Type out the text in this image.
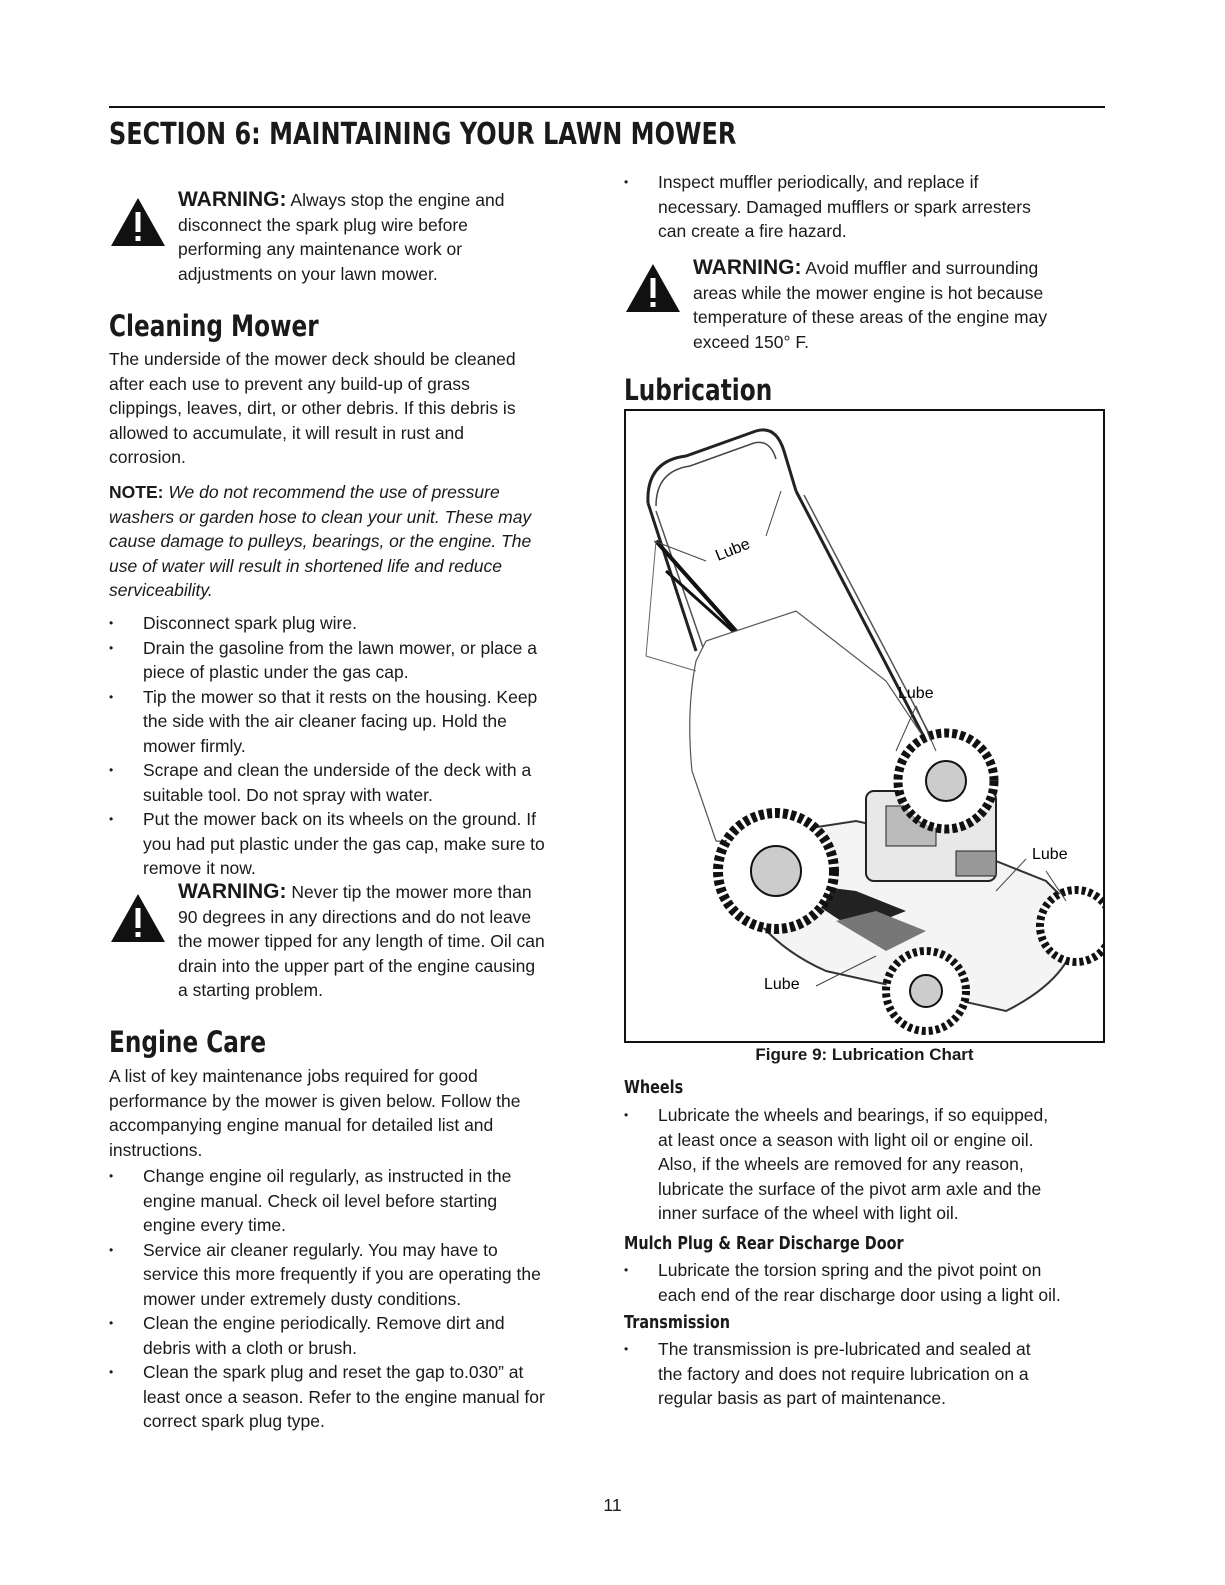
SECTION 6: MAINTAINING YOUR LAWN MOWER
WARNING: Always stop the engine and
disconnect the spark plug wire before
performing any maintenance work or
adjustments on your lawn mower.
Cleaning Mower

The underside of the mower deck should be cleaned
after each use to prevent any build-up of grass
clippings, leaves, dirt, or other debris. If this debris is
allowed to accumulate, it will result in rust and
corrosion.

NOTE: We do not recommend the use of pressure
washers or garden hose to clean your unit. These may
cause damage to pulleys, bearings, or the engine. The
use of water will result in shortened life and reduce
serviceability.

• Disconnect spark plug wire.
• Drain the gasoline from the lawn mower, or place a
piece of plastic under the gas cap.
• Tip the mower so that it rests on the housing. Keep
the side with the air cleaner facing up. Hold the
mower firmly.
• Scrape and clean the underside of the deck with a
suitable tool. Do not spray with water.
• Put the mower back on its wheels on the ground. If
you had put plastic under the gas cap, make sure to
remove it now.
WARNING: Never tip the mower more than
90 degrees in any directions and do not leave
the mower tipped for any length of time. Oil can
drain into the upper part of the engine causing
a starting problem.
Engine Care

A list of key maintenance jobs required for good
performance by the mower is given below. Follow the
accompanying engine manual for detailed list and
instructions.

• Change engine oil regularly, as instructed in the
engine manual. Check oil level before starting
engine every time.
• Service air cleaner regularly. You may have to
service this more frequently if you are operating the
mower under extremely dusty conditions.
• Clean the engine periodically. Remove dirt and
debris with a cloth or brush.
• Clean the spark plug and reset the gap to.030” at
least once a season. Refer to the engine manual for
correct spark plug type.
• Inspect muffler periodically, and replace if
necessary. Damaged mufflers or spark arresters
can create a fire hazard.
WARNING: Avoid muffler and surrounding
areas while the mower engine is hot because
temperature of these areas of the engine may
exceed 150° F.
Lubrication
Lube
Lube
Lube
Lube
Figure 9: Lubrication Chart
Wheels
• Lubricate the wheels and bearings, if so equipped,
at least once a season with light oil or engine oil.
Also, if the wheels are removed for any reason,
lubricate the surface of the pivot arm axle and the
inner surface of the wheel with light oil.
Mulch Plug & Rear Discharge Door
• Lubricate the torsion spring and the pivot point on
each end of the rear discharge door using a light oil.
Transmission
• The transmission is pre-lubricated and sealed at
the factory and does not require lubrication on a
regular basis as part of maintenance.
11
